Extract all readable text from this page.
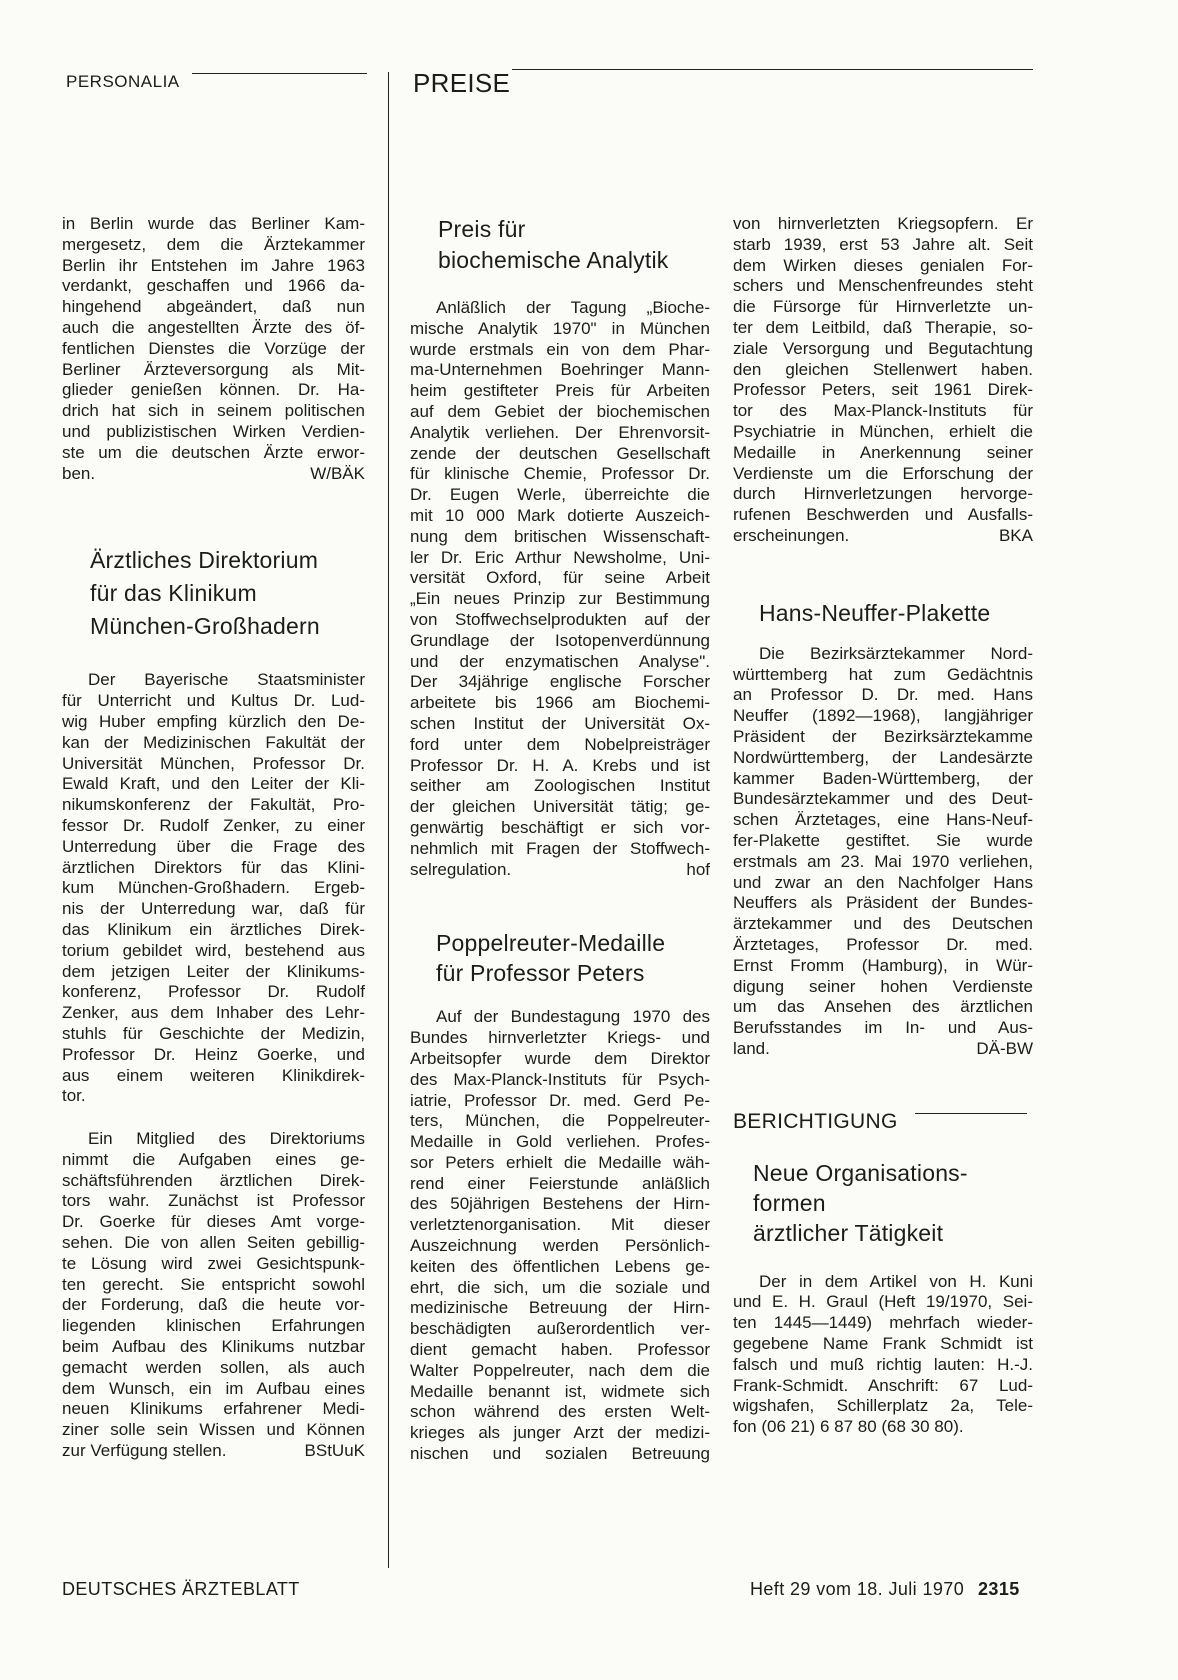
PERSONALIA	PREISE
in Berlin wurde das Berliner Kam-
mergesetz, dem die Ärztekammer
Berlin ihr Entstehen im Jahre 1963
verdankt, geschaffen und 1966 da-
hingehend abgeändert, daß nun
auch die angestellten Ärzte des öf-
fentlichen Dienstes die Vorzüge der
Berliner Ärzteversorgung als Mit-
glieder genießen können. Dr. Ha-
drich hat sich in seinem politischen
und publizistischen Wirken Verdien-
ste um die deutschen Ärzte erwor-
ben.	W/BÄK
Ärztliches Direktorium
für das Klinikum
München-Großhadern
Der Bayerische Staatsminister
für Unterricht und Kultus Dr. Lud-
wig Huber empfing kürzlich den De-
kan der Medizinischen Fakultät der
Universität München, Professor Dr.
Ewald Kraft, und den Leiter der Kli-
nikumskonferenz der Fakultät, Pro-
fessor Dr. Rudolf Zenker, zu einer
Unterredung über die Frage des
ärztlichen Direktors für das Klini-
kum München-Großhadern. Ergeb-
nis der Unterredung war, daß für
das Klinikum ein ärztliches Direk-
torium gebildet wird, bestehend aus
dem jetzigen Leiter der Klinikums-
konferenz, Professor Dr. Rudolf
Zenker, aus dem Inhaber des Lehr-
stuhls für Geschichte der Medizin,
Professor Dr. Heinz Goerke, und
aus einem weiteren Klinikdirek-
tor.
Ein Mitglied des Direktoriums
nimmt die Aufgaben eines ge-
schäftsführenden ärztlichen Direk-
tors wahr. Zunächst ist Professor
Dr. Goerke für dieses Amt vorge-
sehen. Die von allen Seiten gebillig-
te Lösung wird zwei Gesichtspunk-
ten gerecht. Sie entspricht sowohl
der Forderung, daß die heute vor-
liegenden klinischen Erfahrungen
beim Aufbau des Klinikums nutzbar
gemacht werden sollen, als auch
dem Wunsch, ein im Aufbau eines
neuen Klinikums erfahrener Medi-
ziner solle sein Wissen und Können
zur Verfügung stellen.	BStUuK
Preis für
biochemische Analytik
Anläßlich der Tagung „Bioche-
mische Analytik 1970" in München
wurde erstmals ein von dem Phar-
ma-Unternehmen Boehringer Mann-
heim gestifteter Preis für Arbeiten
auf dem Gebiet der biochemischen
Analytik verliehen. Der Ehrenvorsit-
zende der deutschen Gesellschaft
für klinische Chemie, Professor Dr.
Dr. Eugen Werle, überreichte die
mit 10 000 Mark dotierte Auszeich-
nung dem britischen Wissenschaft-
ler Dr. Eric Arthur Newsholme, Uni-
versität Oxford, für seine Arbeit
„Ein neues Prinzip zur Bestimmung
von Stoffwechselprodukten auf der
Grundlage der Isotopenverdünnung
und der enzymatischen Analyse".
Der 34jährige englische Forscher
arbeitete bis 1966 am Biochemi-
schen Institut der Universität Ox-
ford unter dem Nobelpreisträger
Professor Dr. H. A. Krebs und ist
seither am Zoologischen Institut
der gleichen Universität tätig; ge-
genwärtig beschäftigt er sich vor-
nehmlich mit Fragen der Stoffwech-
selregulation.	hof
Poppelreuter-Medaille
für Professor Peters
Auf der Bundestagung 1970 des
Bundes hirnverletzter Kriegs- und
Arbeitsopfer wurde dem Direktor
des Max-Planck-Instituts für Psych-
iatrie, Professor Dr. med. Gerd Pe-
ters, München, die Poppelreuter-
Medaille in Gold verliehen. Profes-
sor Peters erhielt die Medaille wäh-
rend einer Feierstunde anläßlich
des 50jährigen Bestehens der Hirn-
verletztenorganisation. Mit dieser
Auszeichnung werden Persönlich-
keiten des öffentlichen Lebens ge-
ehrt, die sich, um die soziale und
medizinische Betreuung der Hirn-
beschädigten außerordentlich ver-
dient gemacht haben. Professor
Walter Poppelreuter, nach dem die
Medaille benannt ist, widmete sich
schon während des ersten Welt-
krieges als junger Arzt der medizi-
nischen und sozialen Betreuung
von hirnverletzten Kriegsopfern. Er
starb 1939, erst 53 Jahre alt. Seit
dem Wirken dieses genialen For-
schers und Menschenfreundes steht
die Fürsorge für Hirnverletzte un-
ter dem Leitbild, daß Therapie, so-
ziale Versorgung und Begutachtung
den gleichen Stellenwert haben.
Professor Peters, seit 1961 Direk-
tor des Max-Planck-Instituts für
Psychiatrie in München, erhielt die
Medaille in Anerkennung seiner
Verdienste um die Erforschung der
durch Hirnverletzungen hervorge-
rufenen Beschwerden und Ausfalls-
erscheinungen.	BKA
Hans-Neuffer-Plakette
Die Bezirksärztekammer Nord-
württemberg hat zum Gedächtnis
an Professor D. Dr. med. Hans
Neuffer (1892—1968), langjähriger
Präsident der Bezirksärztekamme
Nordwürttemberg, der Landesärzte
kammer Baden-Württemberg, der
Bundesärztekammer und des Deut-
schen Ärztetages, eine Hans-Neuf-
fer-Plakette gestiftet. Sie wurde
erstmals am 23. Mai 1970 verliehen,
und zwar an den Nachfolger Hans
Neuffers als Präsident der Bundes-
ärztekammer und des Deutschen
Ärztetages, Professor Dr. med.
Ernst Fromm (Hamburg), in Wür-
digung seiner hohen Verdienste
um das Ansehen des ärztlichen
Berufsstandes im In- und Aus-
land.	DÄ-BW
BERICHTIGUNG
Neue Organisations-
formen
ärztlicher Tätigkeit
Der in dem Artikel von H. Kuni
und E. H. Graul (Heft 19/1970, Sei-
ten 1445—1449) mehrfach wieder-
gegebene Name Frank Schmidt ist
falsch und muß richtig lauten: H.-J.
Frank-Schmidt. Anschrift: 67 Lud-
wigshafen, Schillerplatz 2a, Tele-
fon (06 21) 6 87 80 (68 30 80).
DEUTSCHES ÄRZTEBLATT	Heft 29 vom 18. Juli 1970 2315
